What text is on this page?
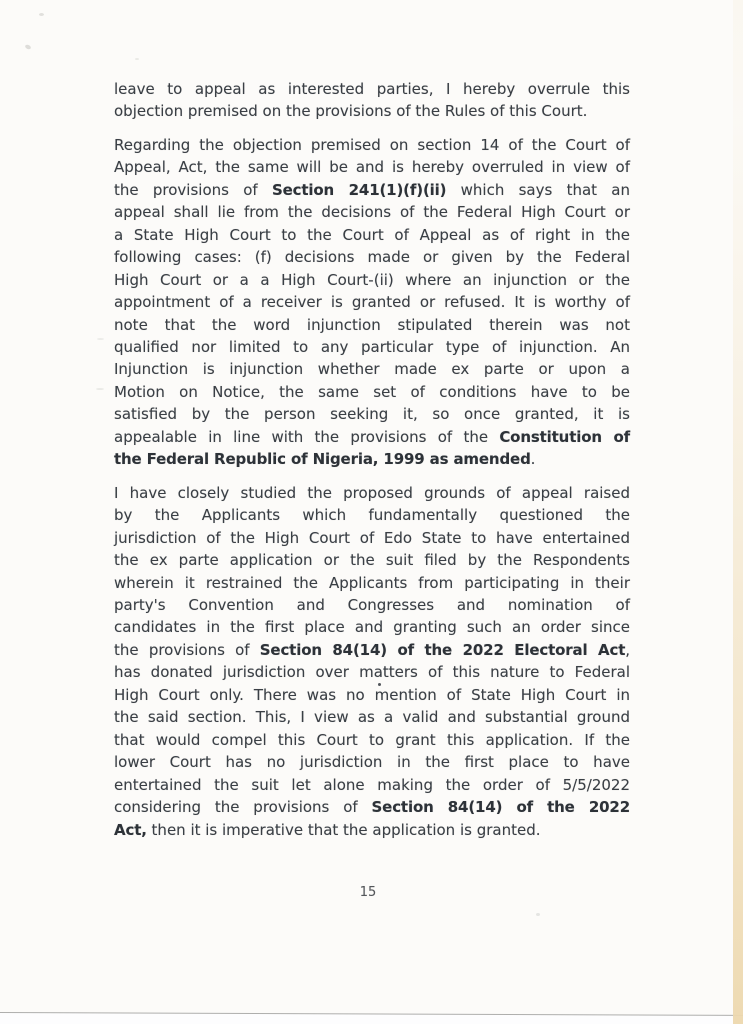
leave to appeal as interested parties, I hereby overrule this
objection premised on the provisions of the Rules of this Court.
Regarding the objection premised on section 14 of the Court of
Appeal, Act, the same will be and is hereby overruled in view of
the provisions of Section 241(1)(f)(ii) which says that an
appeal shall lie from the decisions of the Federal High Court or
a State High Court to the Court of Appeal as of right in the
following cases: (f) decisions made or given by the Federal
High Court or a a High Court-(ii) where an injunction or the
appointment of a receiver is granted or refused. It is worthy of
note that the word injunction stipulated therein was not
qualified nor limited to any particular type of injunction. An
Injunction is injunction whether made ex parte or upon a
Motion on Notice, the same set of conditions have to be
satisfied by the person seeking it, so once granted, it is
appealable in line with the provisions of the Constitution of
the Federal Republic of Nigeria, 1999 as amended.
I have closely studied the proposed grounds of appeal raised
by the Applicants which fundamentally questioned the
jurisdiction of the High Court of Edo State to have entertained
the ex parte application or the suit filed by the Respondents
wherein it restrained the Applicants from participating in their
party's Convention and Congresses and nomination of
candidates in the first place and granting such an order since
the provisions of Section 84(14) of the 2022 Electoral Act,
has donated jurisdiction over matters of this nature to Federal
High Court only. There was no mention of State High Court in
the said section. This, I view as a valid and substantial ground
that would compel this Court to grant this application. If the
lower Court has no jurisdiction in the first place to have
entertained the suit let alone making the order of 5/5/2022
considering the provisions of Section 84(14) of the 2022
Act, then it is imperative that the application is granted.
15
